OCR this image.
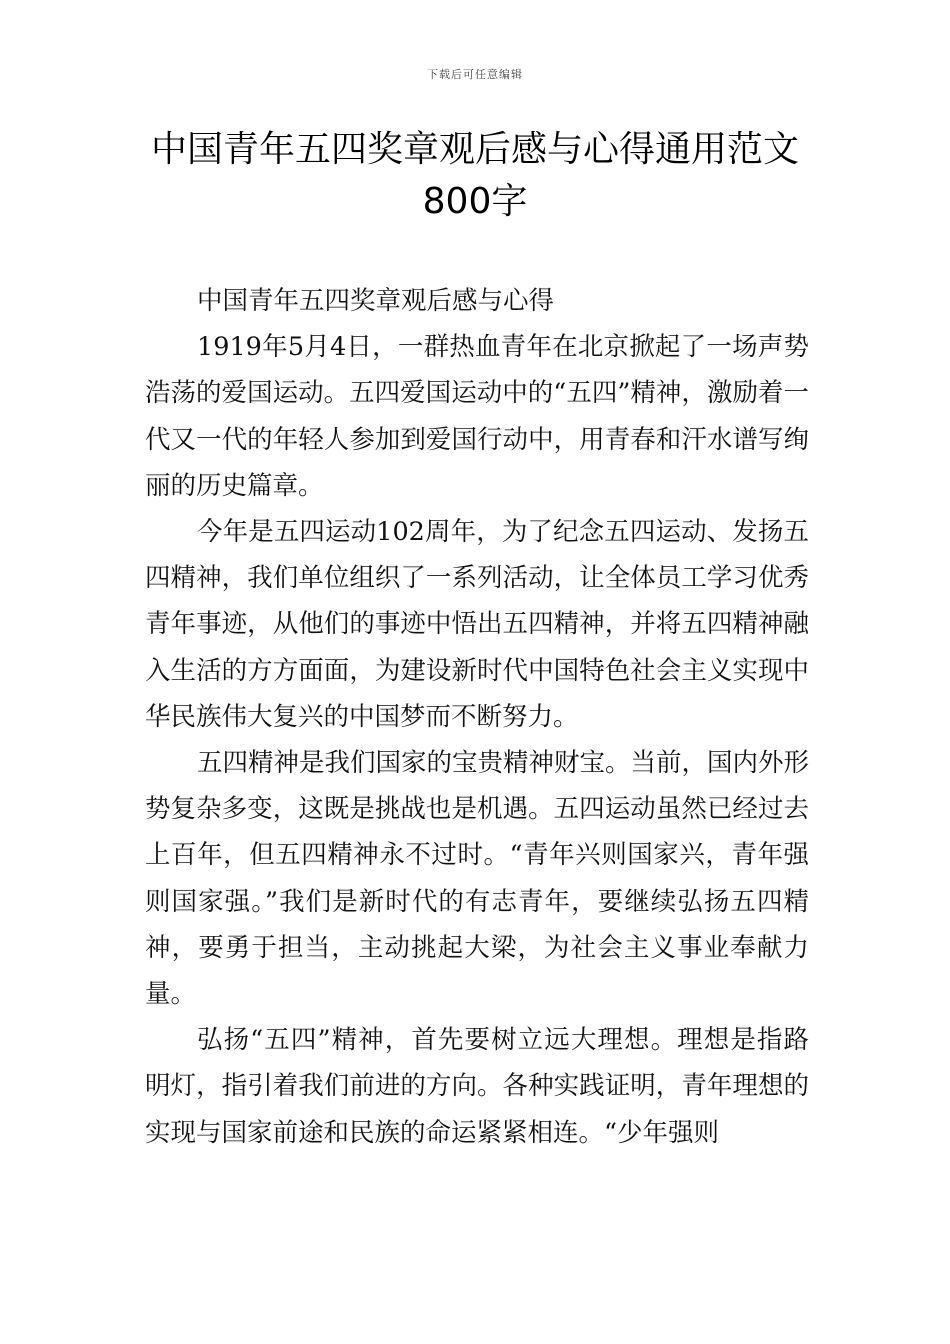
下载后可任意编辑
中国青年五四奖章观后感与心得通用范文800字

中国青年五四奖章观后感与心得

1919年5月4日，一群热血青年在北京掀起了一场声势浩荡的爱国运动。五四爱国运动中的“五四”精神，激励着一代又一代的年轻人参加到爱国行动中，用青春和汗水谱写绚丽的历史篇章。

今年是五四运动102周年，为了纪念五四运动、发扬五四精神，我们单位组织了一系列活动，让全体员工学习优秀青年事迹，从他们的事迹中悟出五四精神，并将五四精神融入生活的方方面面，为建设新时代中国特色社会主义实现中华民族伟大复兴的中国梦而不断努力。

五四精神是我们国家的宝贵精神财宝。当前，国内外形势复杂多变，这既是挑战也是机遇。五四运动虽然已经过去上百年，但五四精神永不过时。“青年兴则国家兴，青年强则国家强。”我们是新时代的有志青年，要继续弘扬五四精神，要勇于担当，主动挑起大梁，为社会主义事业奉献力量。

弘扬“五四”精神，首先要树立远大理想。理想是指路明灯，指引着我们前进的方向。各种实践证明，青年理想的实现与国家前途和民族的命运紧紧相连。“少年强则
